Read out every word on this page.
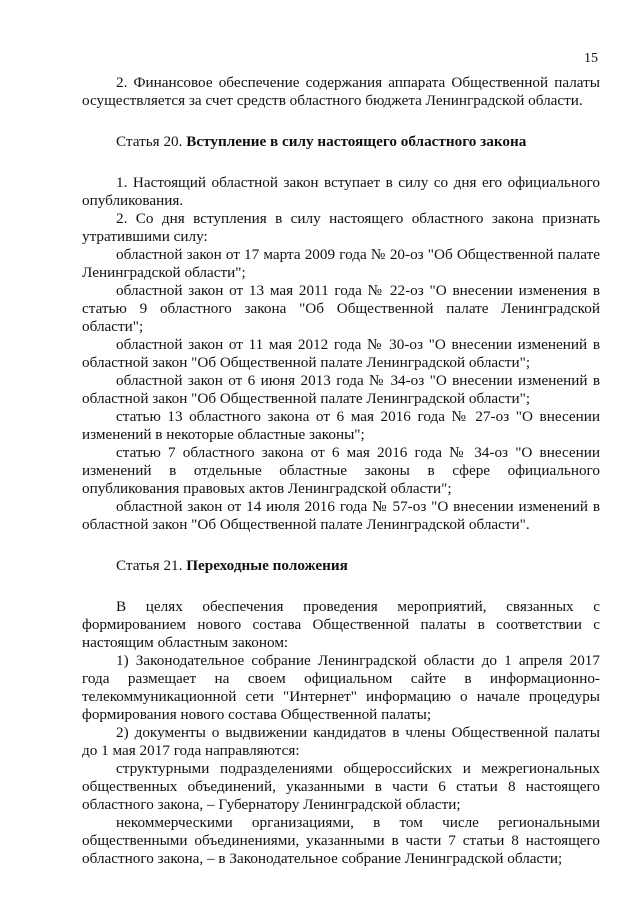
15

2. Финансовое обеспечение содержания аппарата Общественной палаты осуществляется за счет средств областного бюджета Ленинградской области.

Статья 20. Вступление в силу настоящего областного закона

1. Настоящий областной закон вступает в силу со дня его официального опубликования.

2. Со дня вступления в силу настоящего областного закона признать утратившими силу:

областной закон от 17 марта 2009 года № 20-оз "Об Общественной палате Ленинградской области";

областной закон от 13 мая 2011 года № 22-оз "О внесении изменения в статью 9 областного закона "Об Общественной палате Ленинградской области";

областной закон от 11 мая 2012 года № 30-оз "О внесении изменений в областной закон "Об Общественной палате Ленинградской области";

областной закон от 6 июня 2013 года № 34-оз "О внесении изменений в областной закон "Об Общественной палате Ленинградской области";

статью 13 областного закона от 6 мая 2016 года № 27-оз "О внесении изменений в некоторые областные законы";

статью 7 областного закона от 6 мая 2016 года № 34-оз "О внесении изменений в отдельные областные законы в сфере официального опубликования правовых актов Ленинградской области";

областной закон от 14 июля 2016 года № 57-оз "О внесении изменений в областной закон "Об Общественной палате Ленинградской области".

Статья 21. Переходные положения

В целях обеспечения проведения мероприятий, связанных с формированием нового состава Общественной палаты в соответствии с настоящим областным законом:

1) Законодательное собрание Ленинградской области до 1 апреля 2017 года размещает на своем официальном сайте в информационно-телекоммуникационной сети "Интернет" информацию о начале процедуры формирования нового состава Общественной палаты;

2) документы о выдвижении кандидатов в члены Общественной палаты до 1 мая 2017 года направляются:

структурными подразделениями общероссийских и межрегиональных общественных объединений, указанными в части 6 статьи 8 настоящего областного закона, – Губернатору Ленинградской области;

некоммерческими организациями, в том числе региональными общественными объединениями, указанными в части 7 статьи 8 настоящего областного закона, – в Законодательное собрание Ленинградской области;
